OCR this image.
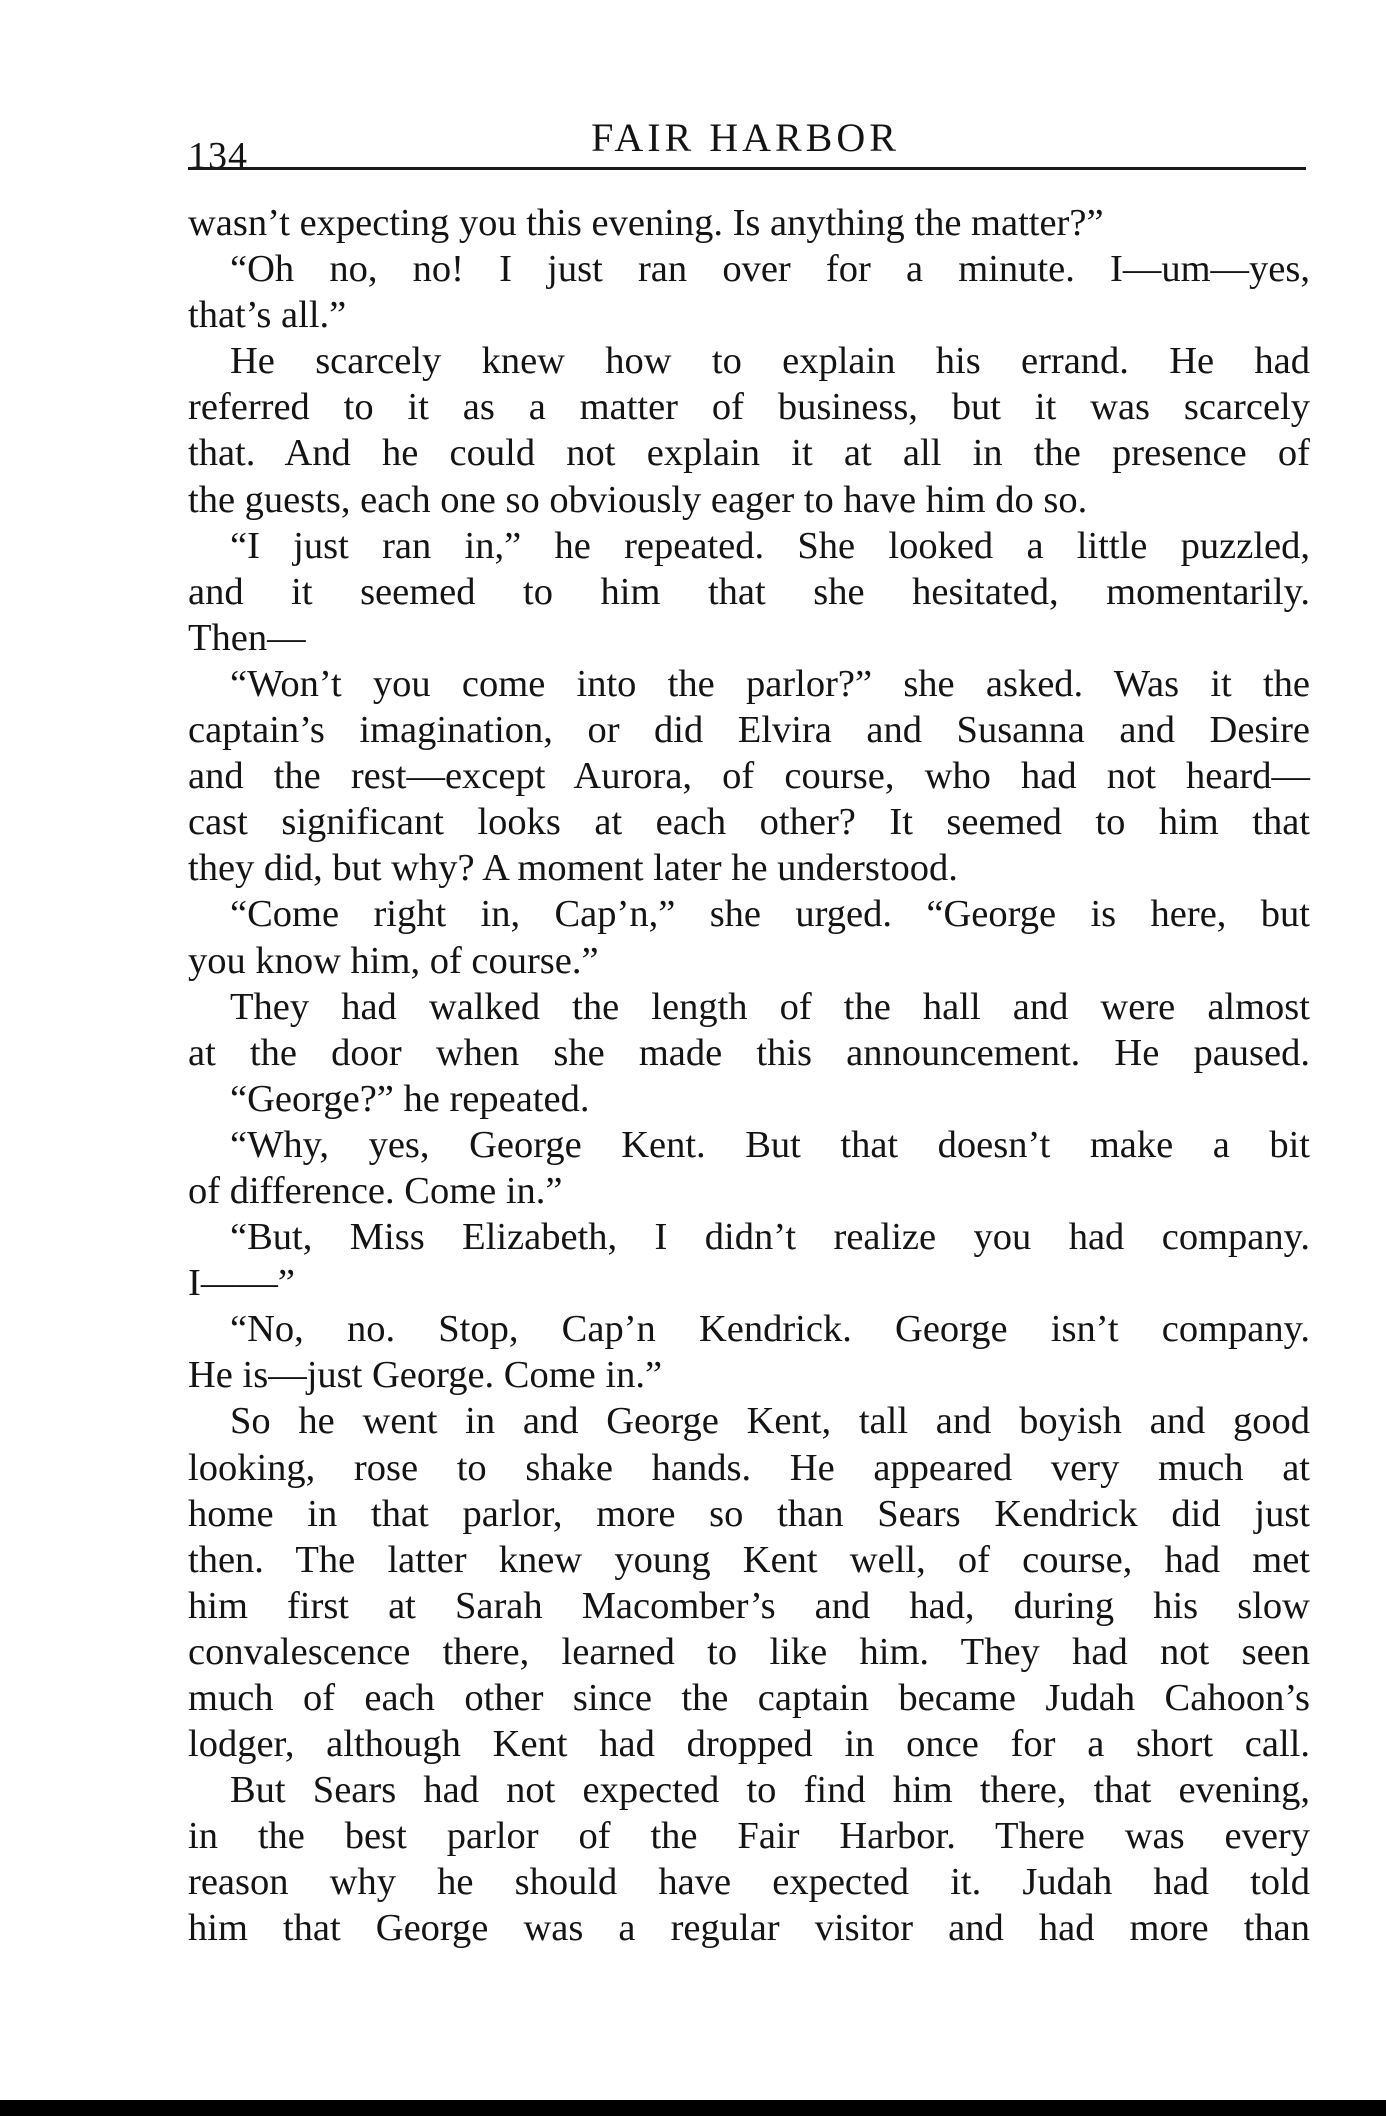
134	FAIR HARBOR
wasn’t expecting you this evening. Is anything the matter?”
“Oh no, no! I just ran over for a minute. I—um—yes,
that’s all.”
He scarcely knew how to explain his errand. He had
referred to it as a matter of business, but it was scarcely
that. And he could not explain it at all in the presence of
the guests, each one so obviously eager to have him do so.
“I just ran in,” he repeated. She looked a little puzzled,
and it seemed to him that she hesitated, momentarily.
Then—
“Won’t you come into the parlor?” she asked. Was it the
captain’s imagination, or did Elvira and Susanna and Desire
and the rest—except Aurora, of course, who had not heard—
cast significant looks at each other? It seemed to him that
they did, but why? A moment later he understood.
“Come right in, Cap’n,” she urged. “George is here, but
you know him, of course.”
They had walked the length of the hall and were almost
at the door when she made this announcement. He paused.
“George?” he repeated.
“Why, yes, George Kent. But that doesn’t make a bit
of difference. Come in.”
“But, Miss Elizabeth, I didn’t realize you had company.
I——”
“No, no. Stop, Cap’n Kendrick. George isn’t company.
He is—just George. Come in.”
So he went in and George Kent, tall and boyish and good
looking, rose to shake hands. He appeared very much at
home in that parlor, more so than Sears Kendrick did just
then. The latter knew young Kent well, of course, had met
him first at Sarah Macomber’s and had, during his slow
convalescence there, learned to like him. They had not seen
much of each other since the captain became Judah Cahoon’s
lodger, although Kent had dropped in once for a short call.
But Sears had not expected to find him there, that evening,
in the best parlor of the Fair Harbor. There was every
reason why he should have expected it. Judah had told
him that George was a regular visitor and had more than
